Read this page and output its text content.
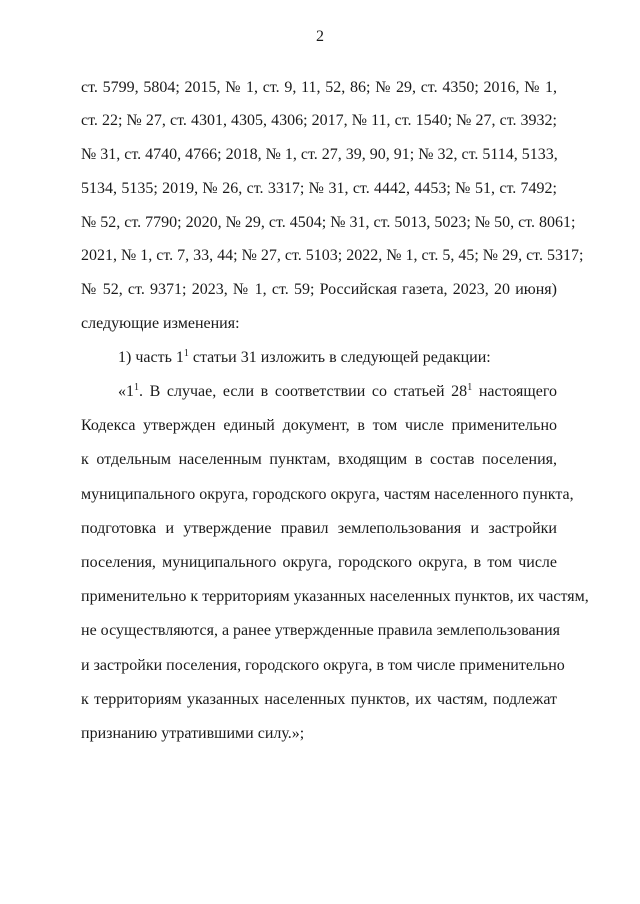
2
ст. 5799, 5804; 2015, № 1, ст. 9, 11, 52, 86; № 29, ст. 4350; 2016, № 1,
ст. 22; № 27, ст. 4301, 4305, 4306; 2017, № 11, ст. 1540; № 27, ст. 3932;
№ 31, ст. 4740, 4766; 2018, № 1, ст. 27, 39, 90, 91; № 32, ст. 5114, 5133,
5134, 5135; 2019, № 26, ст. 3317; № 31, ст. 4442, 4453; № 51, ст. 7492;
№ 52, ст. 7790; 2020, № 29, ст. 4504; № 31, ст. 5013, 5023; № 50, ст. 8061;
2021, № 1, ст. 7, 33, 44; № 27, ст. 5103; 2022, № 1, ст. 5, 45; № 29, ст. 5317;
№ 52, ст. 9371; 2023, № 1, ст. 59; Российская газета, 2023, 20 июня)
следующие изменения:
1) часть $1^1$ статьи 31 изложить в следующей редакции:
«$1^1$. В случае, если в соответствии со статьей $28^1$ настоящего
Кодекса утвержден единый документ, в том числе применительно
к отдельным населенным пунктам, входящим в состав поселения,
муниципального округа, городского округа, частям населенного пункта,
подготовка и утверждение правил землепользования и застройки
поселения, муниципального округа, городского округа, в том числе
применительно к территориям указанных населенных пунктов, их частям,
не осуществляются, а ранее утвержденные правила землепользования
и застройки поселения, городского округа, в том числе применительно
к территориям указанных населенных пунктов, их частям, подлежат
признанию утратившими силу.»;
